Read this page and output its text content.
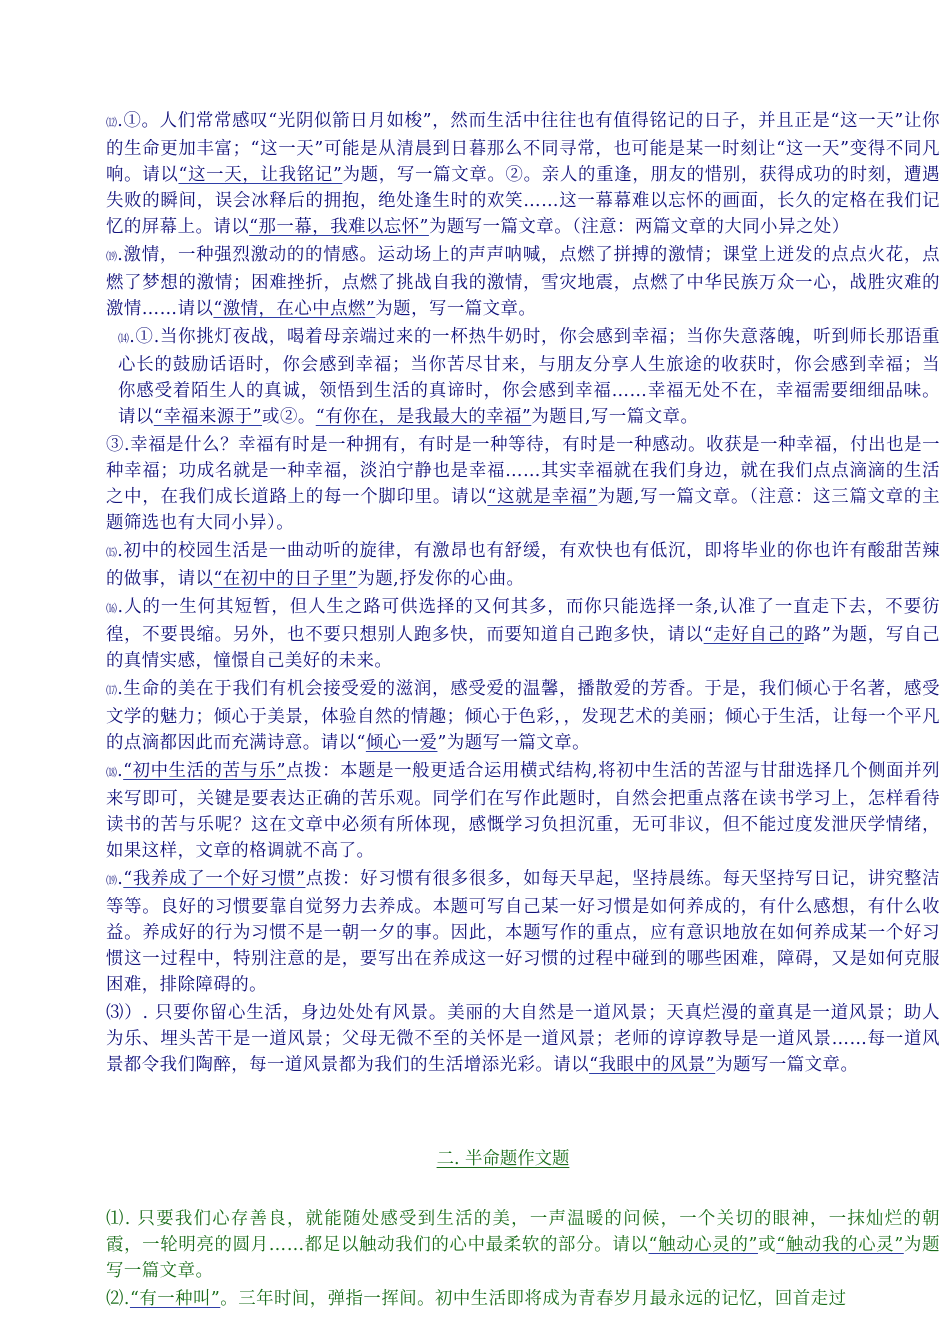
⑿.①。人们常常感叹“光阴似箭日月如梭”，然而生活中往往也有值得铭记的日子，并且正是“这一天”让你的生命更加丰富；“这一天”可能是从清晨到日暮那么不同寻常，也可能是某一时刻让“这一天”变得不同凡响。请以“这一天，让我铭记”为题，写一篇文章。②。亲人的重逢，朋友的惜别，获得成功的时刻，遭遇失败的瞬间，误会冰释后的拥抱，绝处逢生时的欢笑……这一幕幕难以忘怀的画面，长久的定格在我们记忆的屏幕上。请以“那一幕，我难以忘怀”为题写一篇文章。（注意：两篇文章的大同小异之处）

⒆.激情，一种强烈激动的的情感。运动场上的声声呐喊，点燃了拼搏的激情；课堂上迸发的点点火花，点燃了梦想的激情；困难挫折，点燃了挑战自我的激情，雪灾地震，点燃了中华民族万众一心，战胜灾难的激情……请以“激情，在心中点燃”为题，写一篇文章。

⒁.①.当你挑灯夜战，喝着母亲端过来的一杯热牛奶时，你会感到幸福；当你失意落魄，听到师长那语重心长的鼓励话语时，你会感到幸福；当你苦尽甘来，与朋友分享人生旅途的收获时，你会感到幸福；当你感受着陌生人的真诚，领悟到生活的真谛时，你会感到幸福……幸福无处不在，幸福需要细细品味。请以“幸福来源于”或②。“有你在，是我最大的幸福”为题目,写一篇文章。

③.幸福是什么？幸福有时是一种拥有，有时是一种等待，有时是一种感动。收获是一种幸福，付出也是一种幸福；功成名就是一种幸福，淡泊宁静也是幸福……其实幸福就在我们身边，就在我们点点滴滴的生活之中，在我们成长道路上的每一个脚印里。请以“这就是幸福”为题,写一篇文章。（注意：这三篇文章的主题筛选也有大同小异）。

⒂.初中的校园生活是一曲动听的旋律，有激昂也有舒缓，有欢快也有低沉，即将毕业的你也许有酸甜苦辣的做事，请以“在初中的日子里”为题,抒发你的心曲。

⒃.人的一生何其短暂，但人生之路可供选择的又何其多，而你只能选择一条,认准了一直走下去，不要彷徨，不要畏缩。另外，也不要只想别人跑多快，而要知道自己跑多快，请以“走好自己的路”为题，写自己的真情实感，憧憬自己美好的未来。

⒄.生命的美在于我们有机会接受爱的滋润，感受爱的温馨，播散爱的芳香。于是，我们倾心于名著，感受文学的魅力；倾心于美景，体验自然的情趣；倾心于色彩，，发现艺术的美丽；倾心于生活，让每一个平凡的点滴都因此而充满诗意。请以“倾心一爱”为题写一篇文章。

⒅.“初中生活的苦与乐”点拨：本题是一般更适合运用横式结构,将初中生活的苦涩与甘甜选择几个侧面并列来写即可，关键是要表达正确的苦乐观。同学们在写作此题时，自然会把重点落在读书学习上，怎样看待读书的苦与乐呢？这在文章中必须有所体现，感慨学习负担沉重，无可非议，但不能过度发泄厌学情绪，如果这样，文章的格调就不高了。

⒆.“我养成了一个好习惯”点拨：好习惯有很多很多，如每天早起，坚持晨练。每天坚持写日记，讲究整洁等等。良好的习惯要靠自觉努力去养成。本题可写自己某一好习惯是如何养成的，有什么感想，有什么收益。养成好的行为习惯不是一朝一夕的事。因此，本题写作的重点，应有意识地放在如何养成某一个好习惯这一过程中，特别注意的是，要写出在养成这一好习惯的过程中碰到的哪些困难，障碍，又是如何克服困难，排除障碍的。

⑶）. 只要你留心生活，身边处处有风景。美丽的大自然是一道风景；天真烂漫的童真是一道风景；助人为乐、埋头苦干是一道风景；父母无微不至的关怀是一道风景；老师的谆谆教导是一道风景……每一道风景都令我们陶醉，每一道风景都为我们的生活增添光彩。请以“我眼中的风景”为题写一篇文章。

二. 半命题作文题

⑴. 只要我们心存善良，就能随处感受到生活的美，一声温暖的问候，一个关切的眼神，一抹灿烂的朝霞，一轮明亮的圆月……都足以触动我们的心中最柔软的部分。请以“触动心灵的”或“触动我的心灵”为题写一篇文章。

⑵.“有一种叫”。三年时间，弹指一挥间。初中生活即将成为青春岁月最永远的记忆，回首走过
